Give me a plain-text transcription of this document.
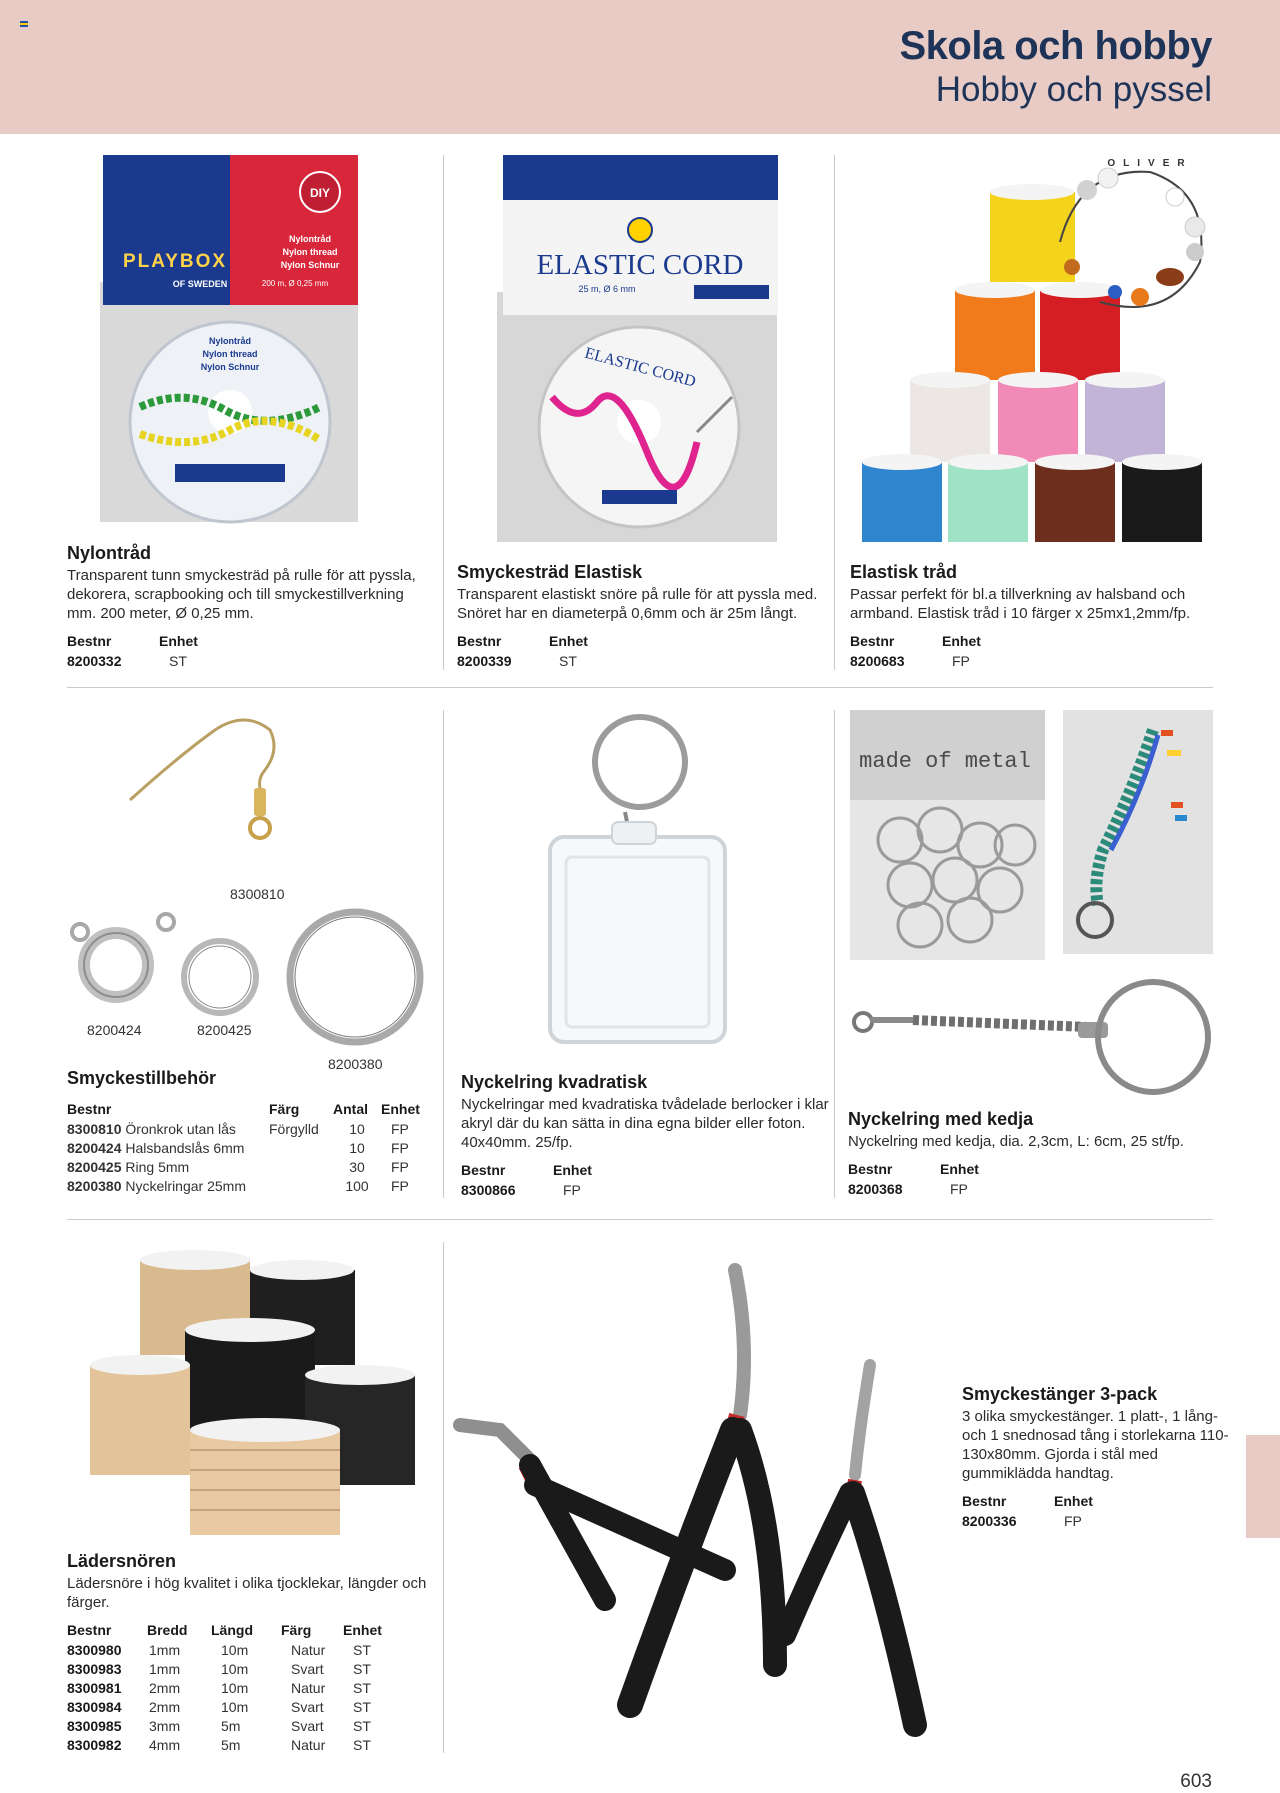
Skola och hobby
Hobby och pyssel
603
DIY
PLAYBOX
OF SWEDEN
Nylontråd
Nylon thread
Nylon Schnur
200 m, Ø 0,25 mm
Nylontråd
Nylon thread
Nylon Schnur
ELASTIC CORD
25 m, Ø 6 mm
ELASTIC CORD
OLIVER
Nylontråd

Transparent tunn smyckesträd på rulle för att pyssla, dekorera, scrapbooking och till smyckestillverkning mm. 200 meter, Ø 0,25 mm.

Bestnr	Enhet
8200332	ST
Smyckesträd Elastisk

Transparent elastiskt snöre på rulle för att pyssla med. Snöret har en diameterpå 0,6mm och är 25m långt.

Bestnr	Enhet
8200339	ST
Elastisk tråd

Passar perfekt för bl.a tillverkning av halsband och armband. Elastisk tråd i 10 färger x 25mx1,2mm/fp.

Bestnr	Enhet
8200683	FP
8300810
8200424	8200425
8200380
made of metal
Smyckestillbehör
Bestnr	Färg	Antal	Enhet
8300810 Öronkrok utan lås	Förgylld	10	FP
8200424 Halsbandslås 6mm		10	FP
8200425 Ring 5mm		30	FP
8200380 Nyckelringar 25mm		100	FP
Nyckelring kvadratisk

Nyckelringar med kvadratiska tvådelade berlocker i klar akryl där du kan sätta in dina egna bilder eller foton. 40x40mm. 25/fp.

Bestnr	Enhet
8300866	FP
Nyckelring med kedja

Nyckelring med kedja, dia. 2,3cm, L: 6cm, 25 st/fp.

Bestnr	Enhet
8200368	FP
Lädersnören

Lädersnöre i hög kvalitet i olika tjocklekar, längder och färger.

Bestnr	Bredd	Längd	Färg	Enhet
8300980	1mm	10m	Natur	ST
8300983	1mm	10m	Svart	ST
8300981	2mm	10m	Natur	ST
8300984	2mm	10m	Svart	ST
8300985	3mm	5m	Svart	ST
8300982	4mm	5m	Natur	ST
Smyckestänger 3-pack

3 olika smyckestänger. 1 platt-, 1 lång- och 1 snednosad tång i storlekarna 110-130x80mm. Gjorda i stål med gummiklädda handtag.

Bestnr	Enhet
8200336	FP
